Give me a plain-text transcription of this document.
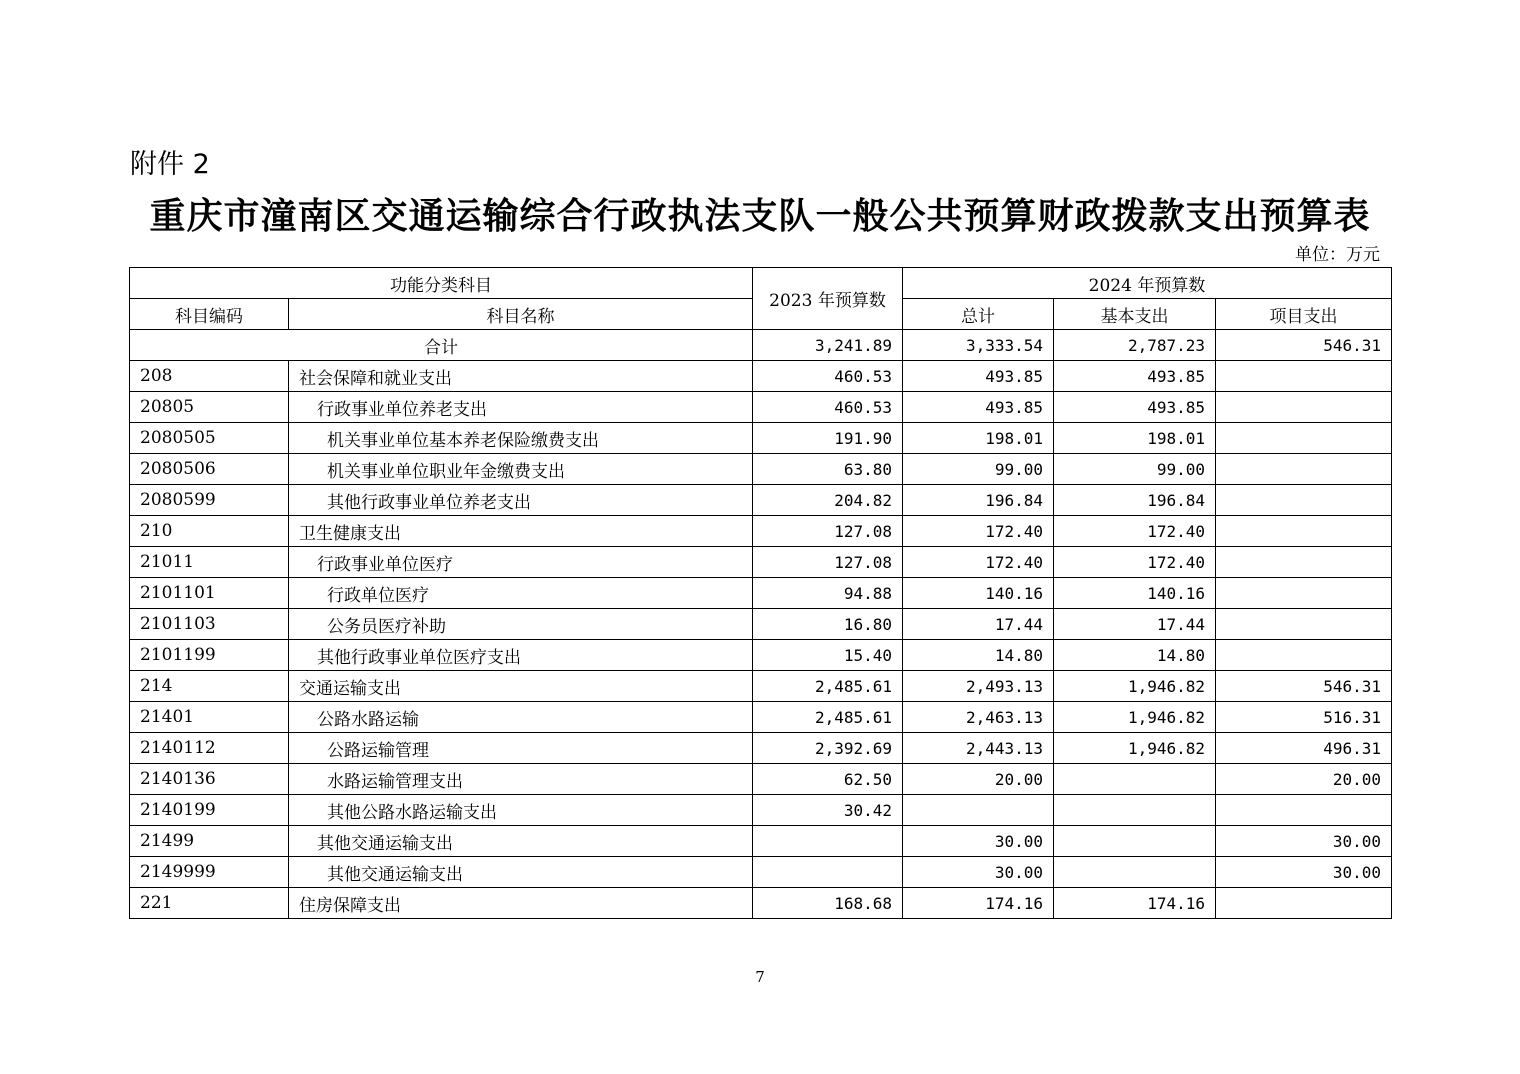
附件 2
重庆市潼南区交通运输综合行政执法支队一般公共预算财政拨款支出预算表
单位：万元
功能分类科目		2023 年预算数	2024 年预算数		
科目编码	科目名称		总计	基本支出	项目支出
合计		3,241.89	3,333.54	2,787.23	546.31
208	社会保障和就业支出	460.53	493.85	493.85	
20805	行政事业单位养老支出	460.53	493.85	493.85	
2080505	机关事业单位基本养老保险缴费支出	191.90	198.01	198.01	
2080506	机关事业单位职业年金缴费支出	63.80	99.00	99.00	
2080599	其他行政事业单位养老支出	204.82	196.84	196.84	
210	卫生健康支出	127.08	172.40	172.40	
21011	行政事业单位医疗	127.08	172.40	172.40	
2101101	行政单位医疗	94.88	140.16	140.16	
2101103	公务员医疗补助	16.80	17.44	17.44	
2101199	其他行政事业单位医疗支出	15.40	14.80	14.80	
214	交通运输支出	2,485.61	2,493.13	1,946.82	546.31
21401	公路水路运输	2,485.61	2,463.13	1,946.82	516.31
2140112	公路运输管理	2,392.69	2,443.13	1,946.82	496.31
2140136	水路运输管理支出	62.50	20.00		20.00
2140199	其他公路水路运输支出	30.42			
21499	其他交通运输支出		30.00		30.00
2149999	其他交通运输支出		30.00		30.00
221	住房保障支出	168.68	174.16	174.16	
7
